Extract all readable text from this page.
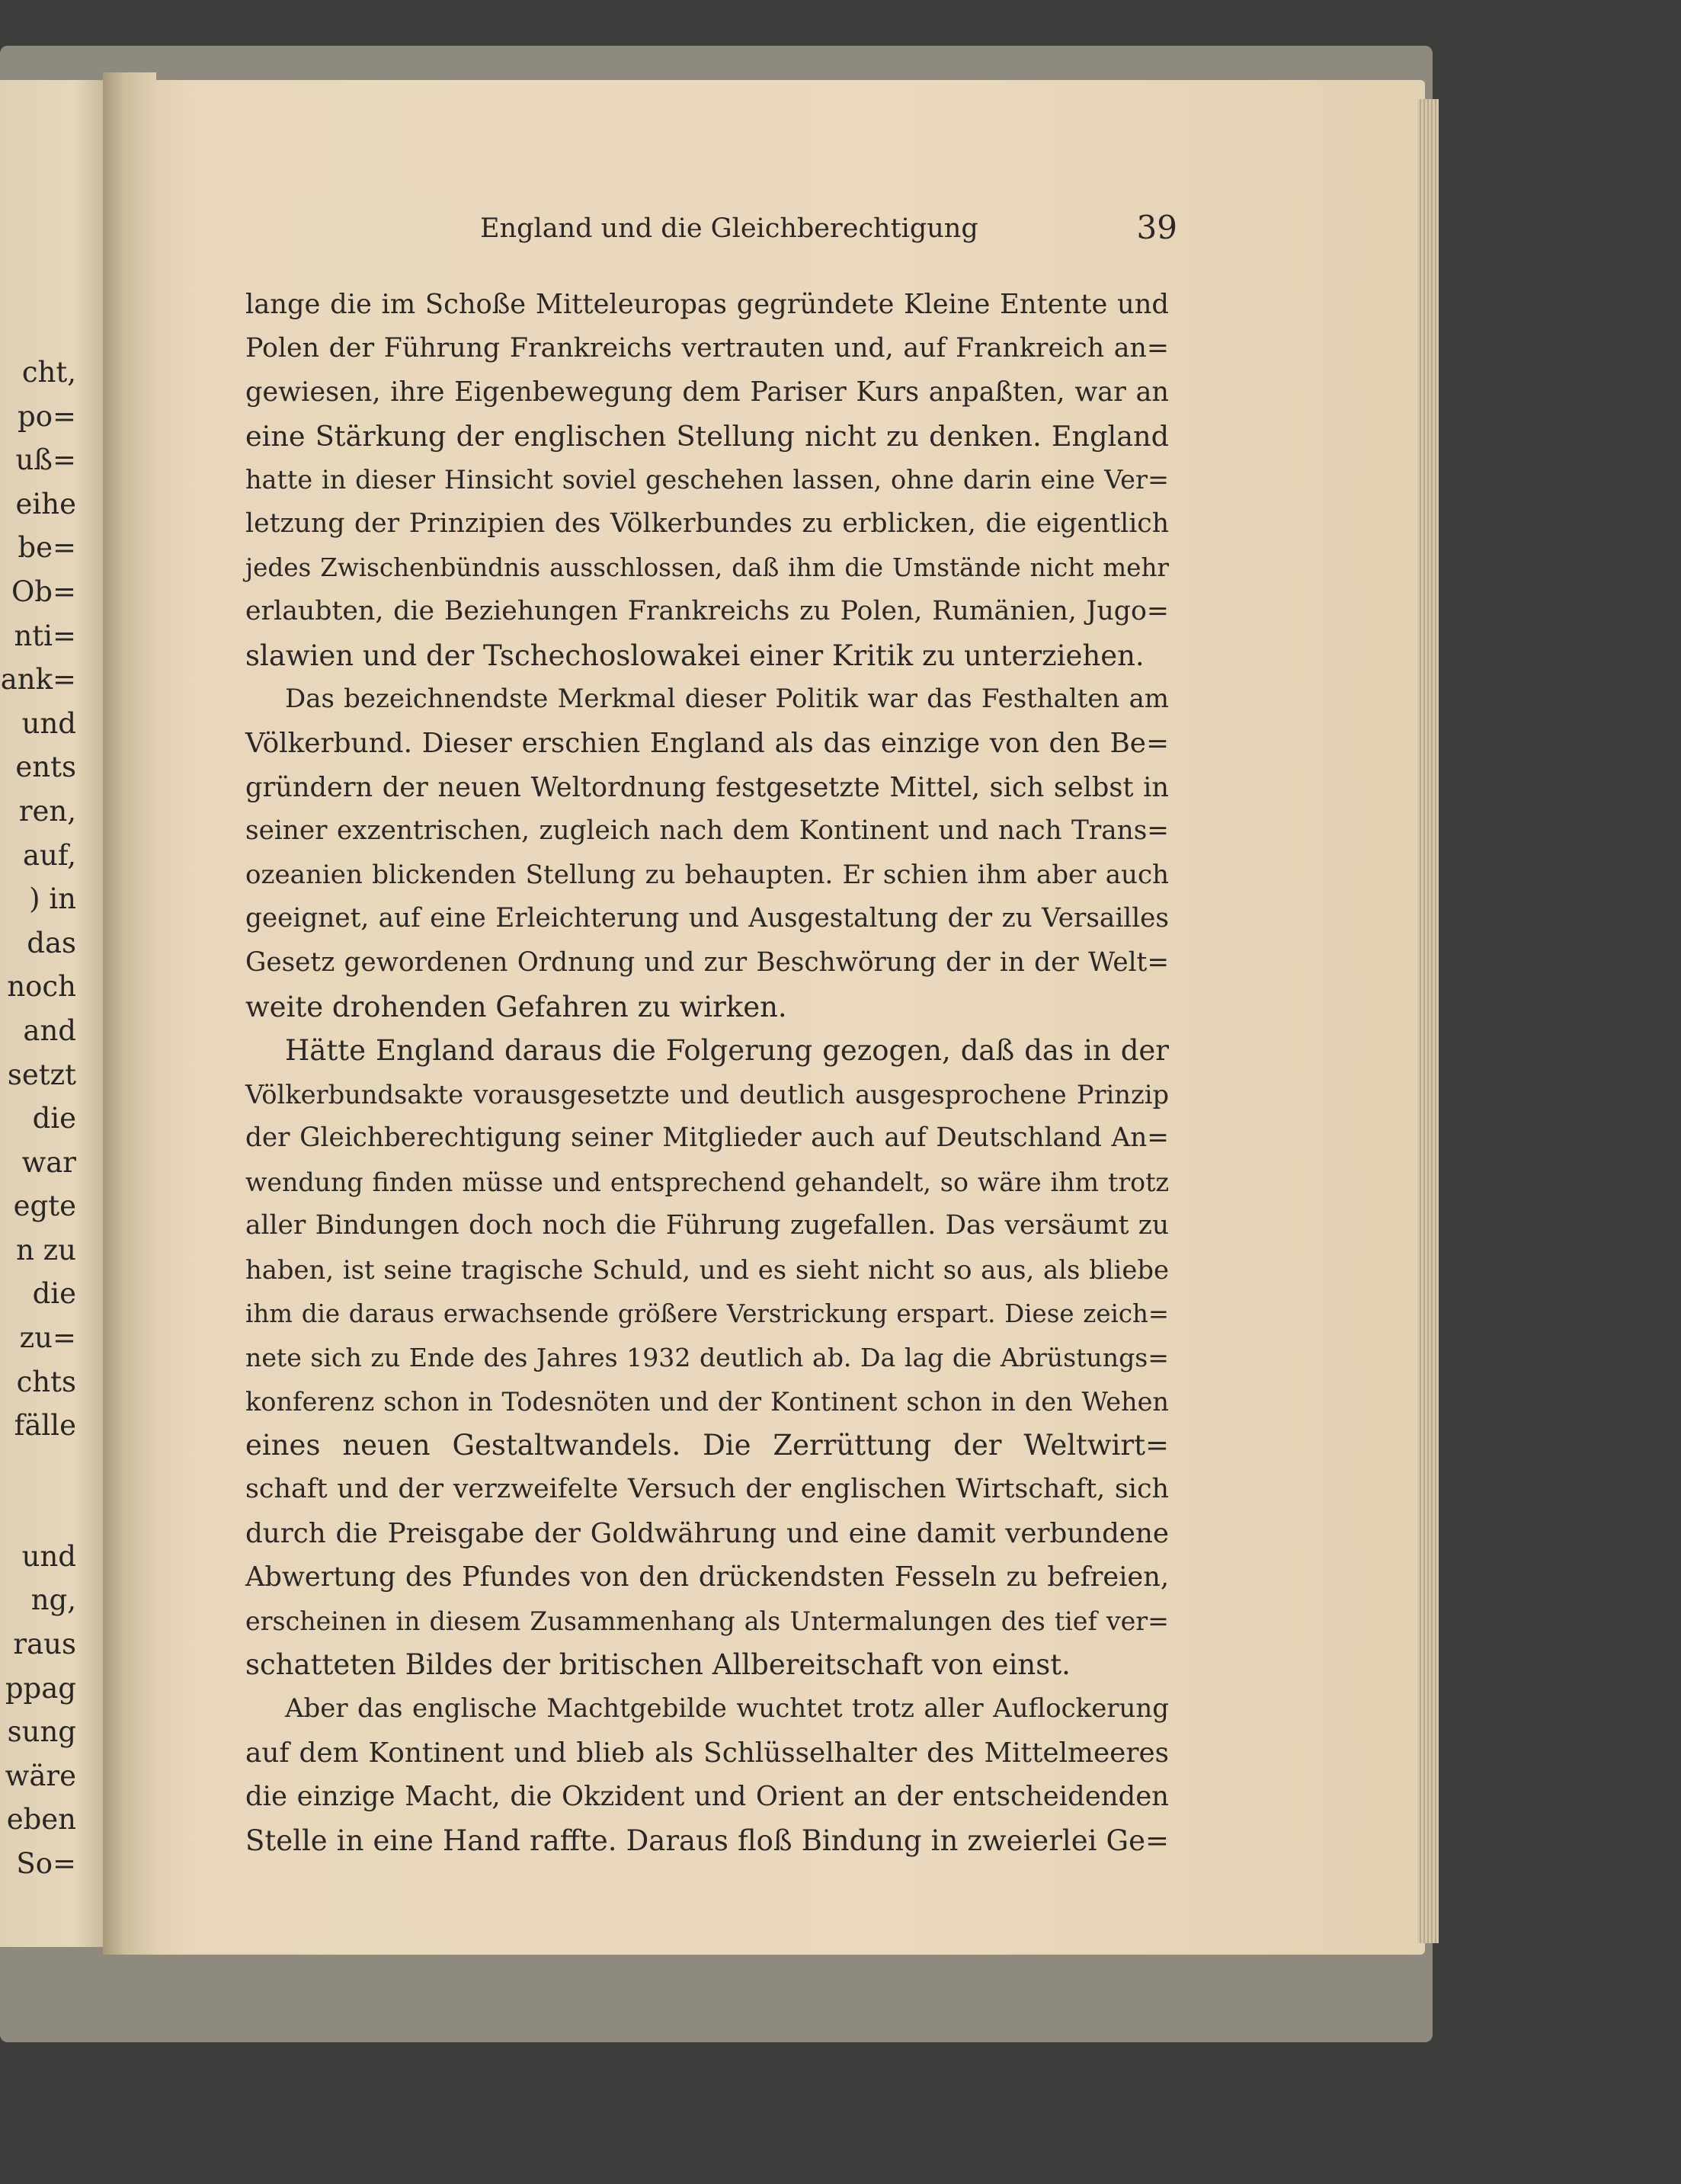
cht,
po=
uß=
eihe
be=
Ob=
nti=
ank=
und
ents
ren,
auf,
) in
das
noch
and
setzt
die
war
egte
n zu
die
zu=
chts
fälle
und
ng,
raus
ppag
sung
wäre
eben
So=
England und die Gleichberechtigung	39
lange die im Schoße Mitteleuropas gegründete Kleine Entente und
Polen der Führung Frankreichs vertrauten und, auf Frankreich an=
gewiesen, ihre Eigenbewegung dem Pariser Kurs anpaßten, war an
eine Stärkung der englischen Stellung nicht zu denken. England
hatte in dieser Hinsicht soviel geschehen lassen, ohne darin eine Ver=
letzung der Prinzipien des Völkerbundes zu erblicken, die eigentlich
jedes Zwischenbündnis ausschlossen, daß ihm die Umstände nicht mehr
erlaubten, die Beziehungen Frankreichs zu Polen, Rumänien, Jugo=
slawien und der Tschechoslowakei einer Kritik zu unterziehen.
Das bezeichnendste Merkmal dieser Politik war das Festhalten am
Völkerbund. Dieser erschien England als das einzige von den Be=
gründern der neuen Weltordnung festgesetzte Mittel, sich selbst in
seiner exzentrischen, zugleich nach dem Kontinent und nach Trans=
ozeanien blickenden Stellung zu behaupten. Er schien ihm aber auch
geeignet, auf eine Erleichterung und Ausgestaltung der zu Versailles
Gesetz gewordenen Ordnung und zur Beschwörung der in der Welt=
weite drohenden Gefahren zu wirken.
Hätte England daraus die Folgerung gezogen, daß das in der
Völkerbundsakte vorausgesetzte und deutlich ausgesprochene Prinzip
der Gleichberechtigung seiner Mitglieder auch auf Deutschland An=
wendung finden müsse und entsprechend gehandelt, so wäre ihm trotz
aller Bindungen doch noch die Führung zugefallen. Das versäumt zu
haben, ist seine tragische Schuld, und es sieht nicht so aus, als bliebe
ihm die daraus erwachsende größere Verstrickung erspart. Diese zeich=
nete sich zu Ende des Jahres 1932 deutlich ab. Da lag die Abrüstungs=
konferenz schon in Todesnöten und der Kontinent schon in den Wehen
eines neuen Gestaltwandels. Die Zerrüttung der Weltwirt=
schaft und der verzweifelte Versuch der englischen Wirtschaft, sich
durch die Preisgabe der Goldwährung und eine damit verbundene
Abwertung des Pfundes von den drückendsten Fesseln zu befreien,
erscheinen in diesem Zusammenhang als Untermalungen des tief ver=
schatteten Bildes der britischen Allbereitschaft von einst.
Aber das englische Machtgebilde wuchtet trotz aller Auflockerung
auf dem Kontinent und blieb als Schlüsselhalter des Mittelmeeres
die einzige Macht, die Okzident und Orient an der entscheidenden
Stelle in eine Hand raffte. Daraus floß Bindung in zweierlei Ge=
